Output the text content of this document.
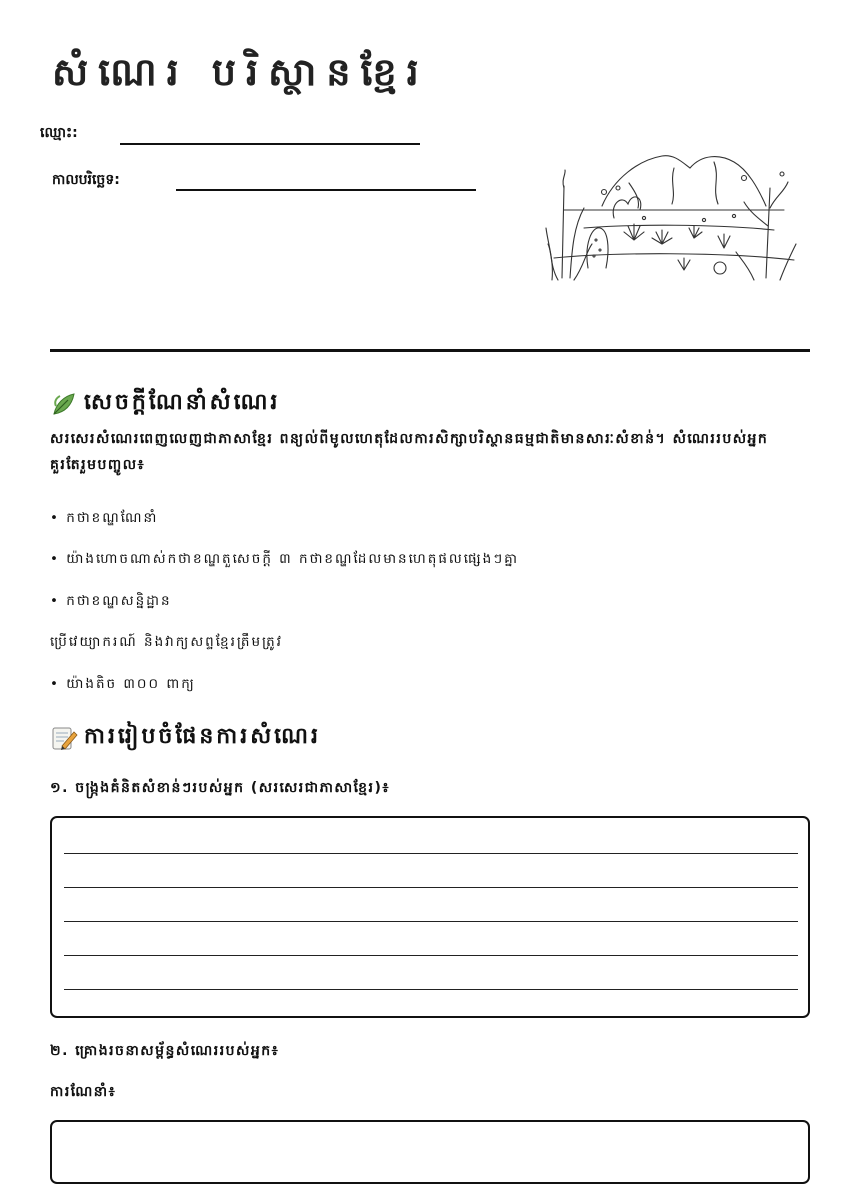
សំណេរ បរិស្ថានខ្មែរ
ឈ្មោះ:
កាលបរិច្ឆេទ:
សេចក្តីណែនាំសំណេរ

សរសេរសំណេរពេញលេញជាភាសាខ្មែរ ពន្យល់ពីមូលហេតុដែលការសិក្សាបរិស្ថានធម្មជាតិមានសារៈសំខាន់។ សំណេររបស់អ្នកគួរតែរួមបញ្ចូល៖

• កថាខណ្ឌណែនាំ
• យ៉ាងហោចណាស់កថាខណ្ឌតួសេចក្តី ៣ កថាខណ្ឌដែលមានហេតុផលផ្សេងៗគ្នា
• កថាខណ្ឌសន្និដ្ឋាន
ប្រើវេយ្យាករណ៍ និងវាក្យសព្ទខ្មែរត្រឹមត្រូវ
• យ៉ាងតិច ៣០០ ពាក្យ
ការរៀបចំផែនការសំណេរ
១. ចង្រ្កងគំនិតសំខាន់ៗរបស់អ្នក (សរសេរជាភាសាខ្មែរ)៖
២. គ្រោងរចនាសម្ព័ន្ធសំណេររបស់អ្នក៖
ការណែនាំ៖
